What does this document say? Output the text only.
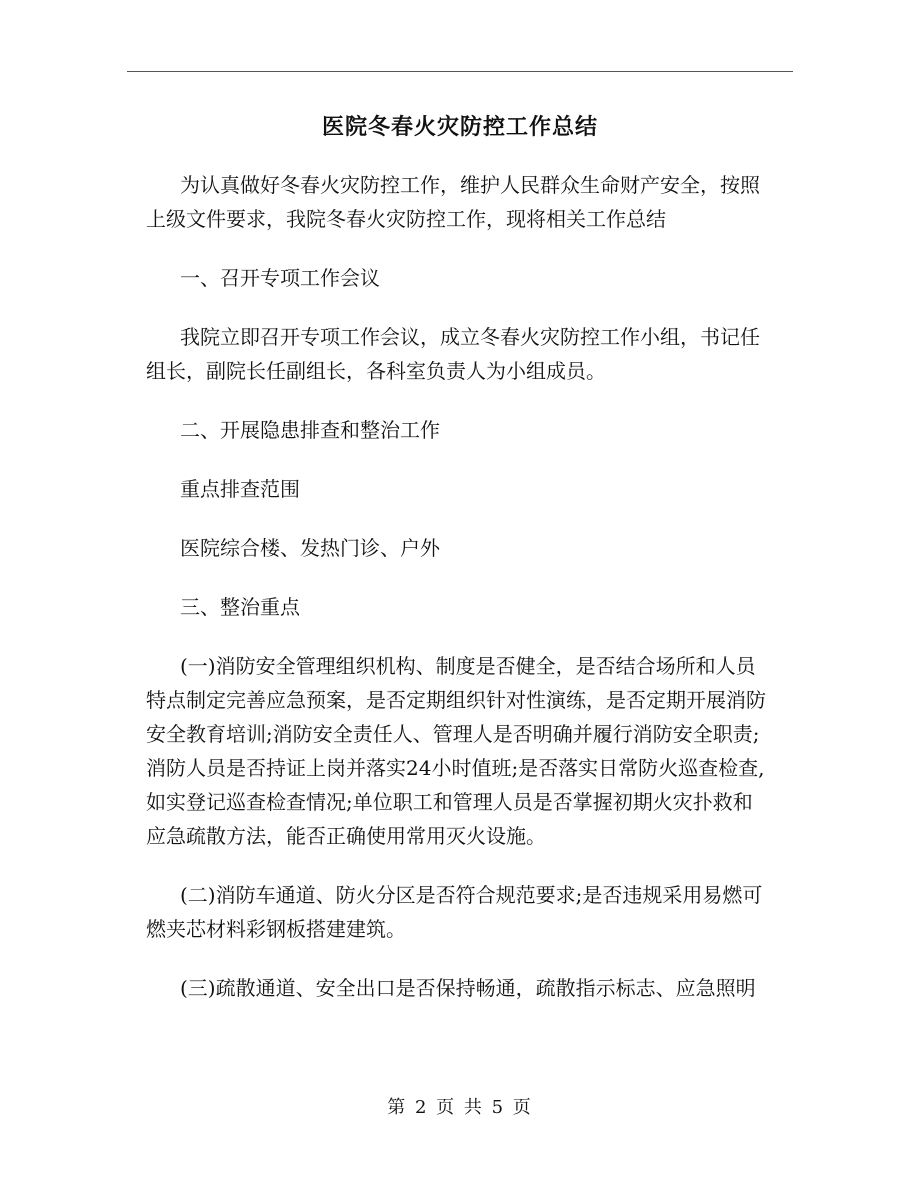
医院冬春火灾防控工作总结

为认真做好冬春火灾防控工作，维护人民群众生命财产安全，按照
上级文件要求，我院冬春火灾防控工作，现将相关工作总结

一、召开专项工作会议

我院立即召开专项工作会议，成立冬春火灾防控工作小组，书记任
组长，副院长任副组长，各科室负责人为小组成员。

二、开展隐患排查和整治工作

重点排查范围

医院综合楼、发热门诊、户外

三、整治重点

(一)消防安全管理组织机构、制度是否健全，是否结合场所和人员
特点制定完善应急预案，是否定期组织针对性演练，是否定期开展消防
安全教育培训;消防安全责任人、管理人是否明确并履行消防安全职责;
消防人员是否持证上岗并落实24小时值班;是否落实日常防火巡查检查,
如实登记巡查检查情况;单位职工和管理人员是否掌握初期火灾扑救和
应急疏散方法，能否正确使用常用灭火设施。

(二)消防车通道、防火分区是否符合规范要求;是否违规采用易燃可
燃夹芯材料彩钢板搭建建筑。

(三)疏散通道、安全出口是否保持畅通，疏散指示标志、应急照明

第 2 页 共 5 页
